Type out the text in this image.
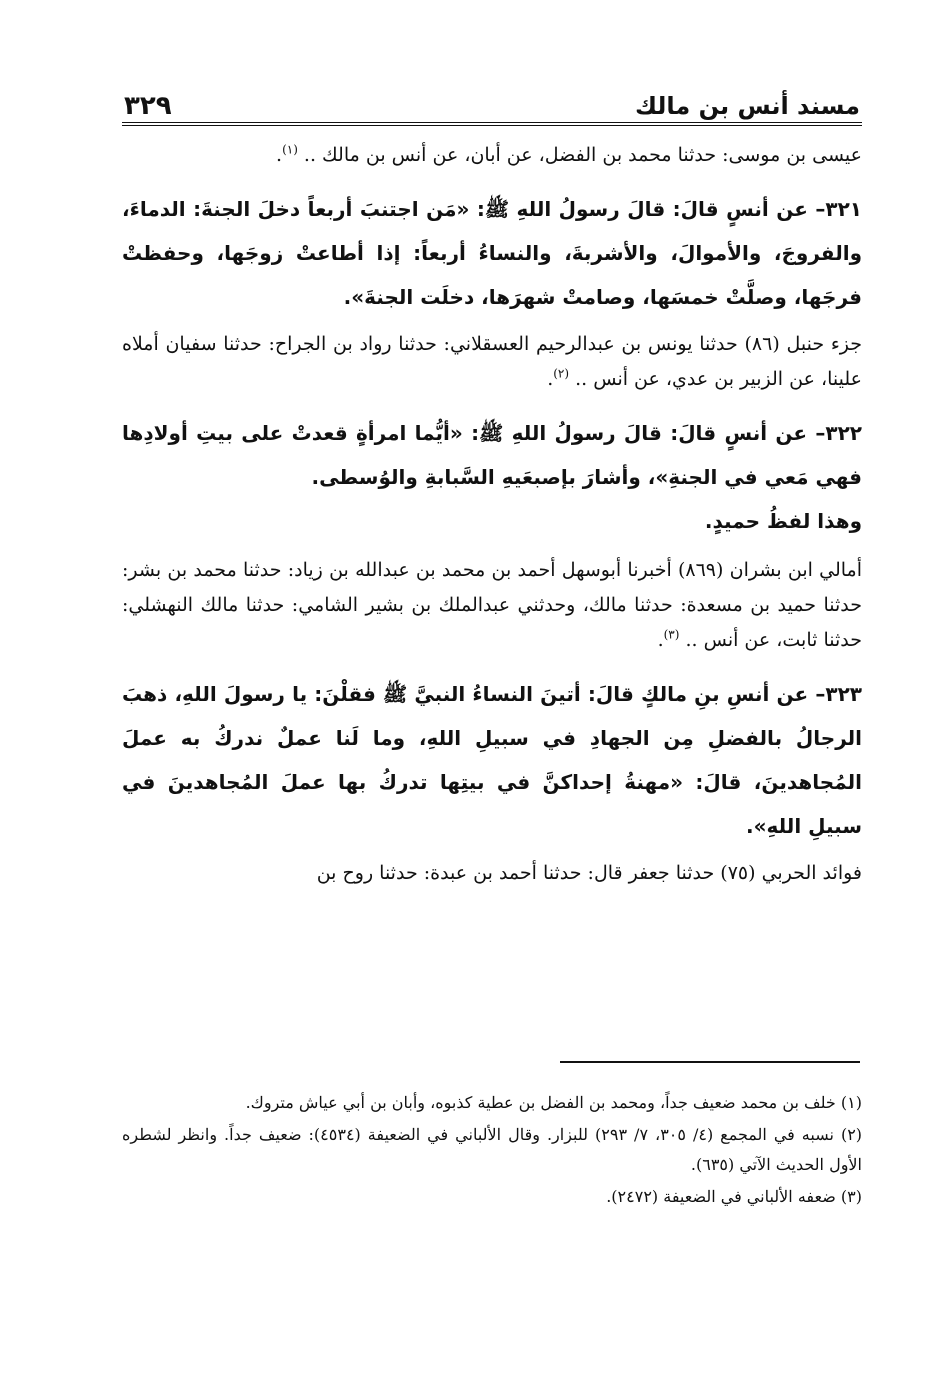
مسند أنس بن مالك
٣٢٩

عيسى بن موسى: حدثنا محمد بن الفضل، عن أبان، عن أنس بن مالك .. $^{(١)}$.

٣٢١– عن أنسٍ قالَ: قالَ رسولُ اللهِ ﷺ: «مَن اجتنبَ أربعاً دخلَ الجنةَ: الدماءَ، والفروجَ، والأموالَ، والأشربةَ، والنساءُ أربعاً: إذا أطاعتْ زوجَها، وحفظتْ فرجَها، وصلَّتْ خمسَها، وصامتْ شهرَها، دخلَت الجنةَ».

جزء حنبل (٨٦) حدثنا يونس بن عبدالرحيم العسقلاني: حدثنا رواد بن الجراح: حدثنا سفيان أملاه علينا، عن الزبير بن عدي، عن أنس .. $^{(٢)}$.

٣٢٢– عن أنسٍ قالَ: قالَ رسولُ اللهِ ﷺ: «أيُّما امرأةٍ قعدتْ على بيتِ أولادِها فهي مَعي في الجنةِ»، وأشارَ بإصبعَيهِ السَّبابةِ والوُسطى.

وهذا لفظُ حميدٍ.

أمالي ابن بشران (٨٦٩) أخبرنا أبوسهل أحمد بن محمد بن عبدالله بن زياد: حدثنا محمد بن بشر: حدثنا حميد بن مسعدة: حدثنا مالك، وحدثني عبدالملك بن بشير الشامي: حدثنا مالك النهشلي: حدثنا ثابت، عن أنس .. $^{(٣)}$.

٣٢٣– عن أنسِ بنِ مالكٍ قالَ: أتينَ النساءُ النبيَّ ﷺ فقلْنَ: يا رسولَ اللهِ، ذهبَ الرجالُ بالفضلِ مِن الجهادِ في سبيلِ اللهِ، وما لَنا عملٌ ندركُ به عملَ المُجاهدينَ، قالَ: «مهنةُ إحداكنَّ في بيتِها تدركُ بها عملَ المُجاهدينَ في سبيلِ اللهِ».

فوائد الحربي (٧٥) حدثنا جعفر قال: حدثنا أحمد بن عبدة: حدثنا روح بن

(١) خلف بن محمد ضعيف جداً، ومحمد بن الفضل بن عطية كذبوه، وأبان بن أبي عياش متروك.

(٢) نسبه في المجمع (٤/ ٣٠٥، ٧/ ٢٩٣) للبزار. وقال الألباني في الضعيفة (٤٥٣٤): ضعيف جداً. وانظر لشطره الأول الحديث الآتي (٦٣٥).

(٣) ضعفه الألباني في الضعيفة (٢٤٧٢).
